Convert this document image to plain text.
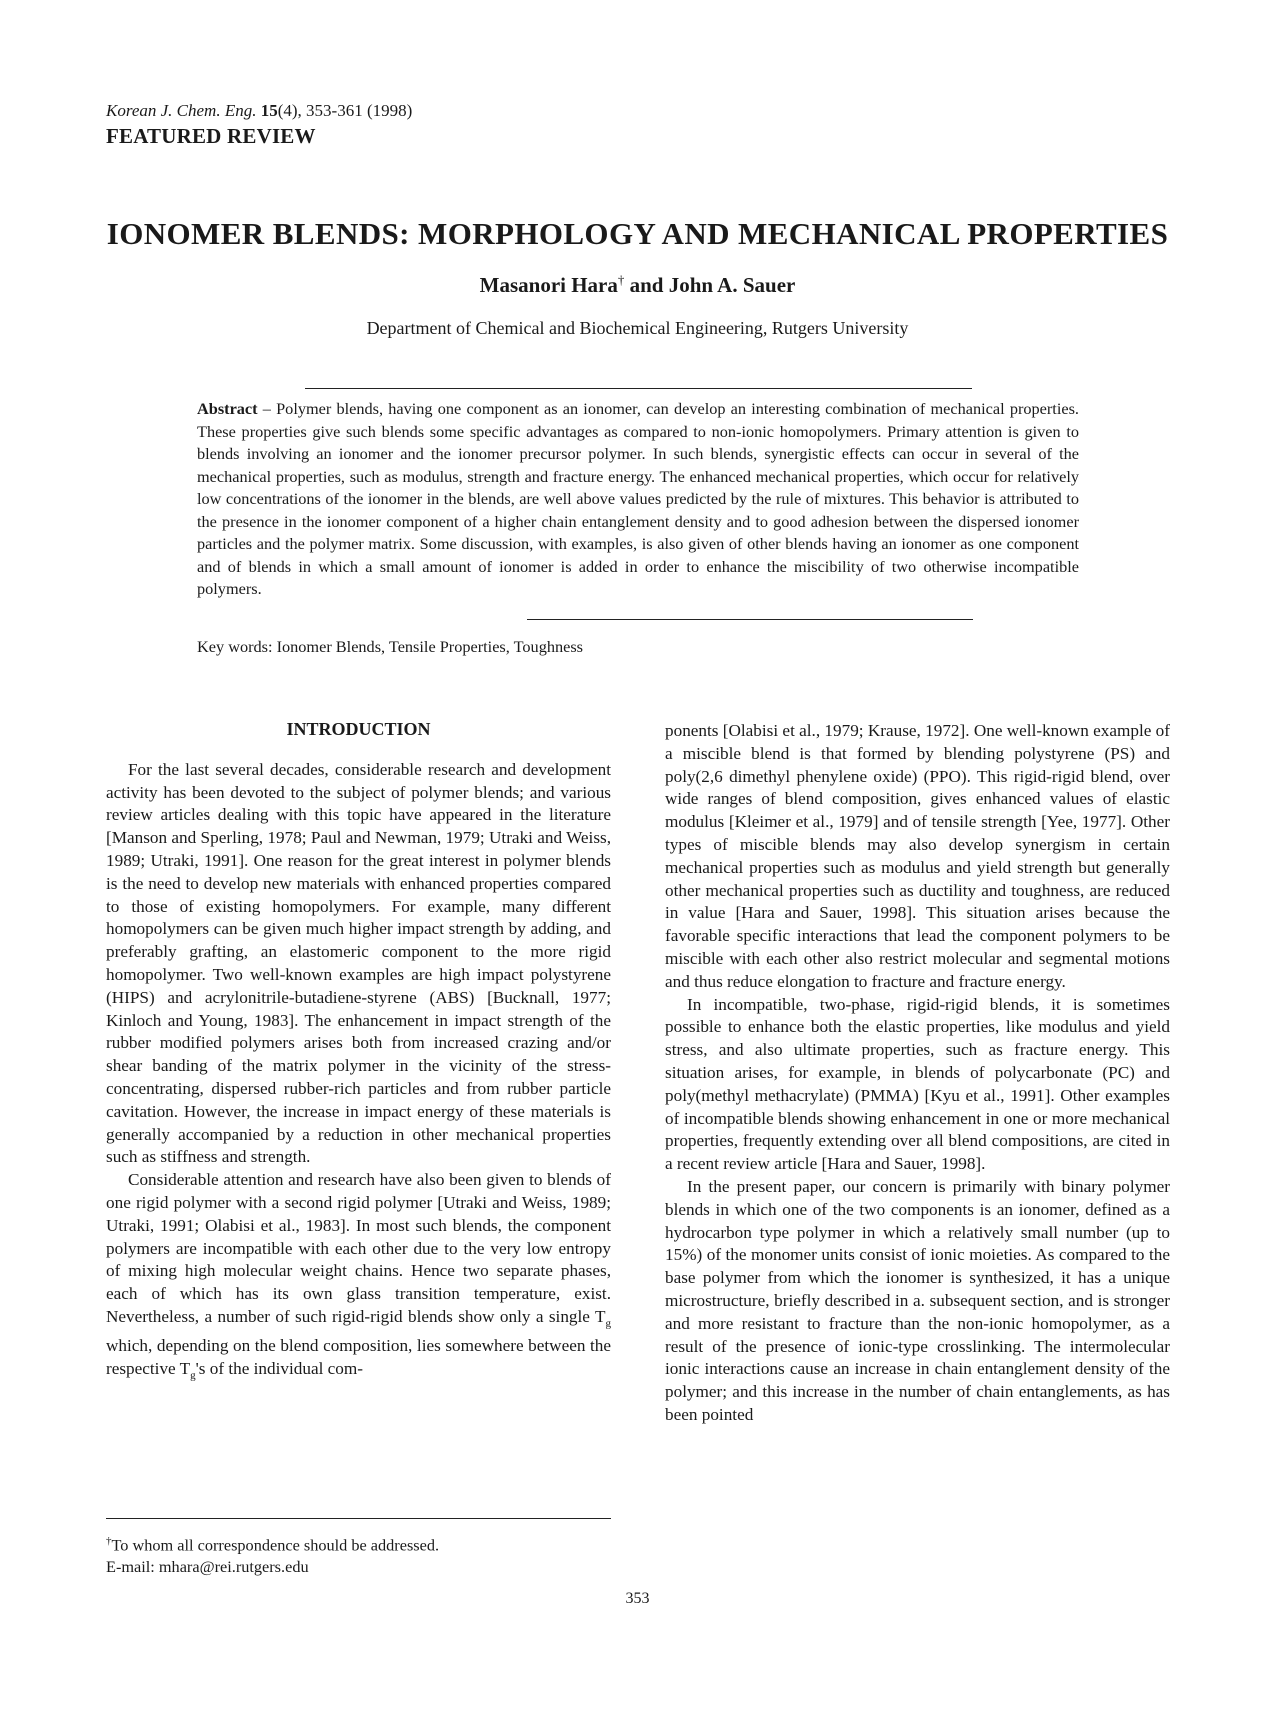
Korean J. Chem. Eng. 15(4), 353-361 (1998)
FEATURED REVIEW
IONOMER BLENDS: MORPHOLOGY AND MECHANICAL PROPERTIES
Masanori Hara† and John A. Sauer
Department of Chemical and Biochemical Engineering, Rutgers University
Abstract – Polymer blends, having one component as an ionomer, can develop an interesting combination of mechanical properties. These properties give such blends some specific advantages as compared to non-ionic homopolymers. Primary attention is given to blends involving an ionomer and the ionomer precursor polymer. In such blends, synergistic effects can occur in several of the mechanical properties, such as modulus, strength and fracture energy. The enhanced mechanical properties, which occur for relatively low concentrations of the ionomer in the blends, are well above values predicted by the rule of mixtures. This behavior is attributed to the presence in the ionomer component of a higher chain entanglement density and to good adhesion between the dispersed ionomer particles and the polymer matrix. Some discussion, with examples, is also given of other blends having an ionomer as one component and of blends in which a small amount of ionomer is added in order to enhance the miscibility of two otherwise incompatible polymers.
Key words: Ionomer Blends, Tensile Properties, Toughness
INTRODUCTION

For the last several decades, considerable research and development activity has been devoted to the subject of polymer blends; and various review articles dealing with this topic have appeared in the literature [Manson and Sperling, 1978; Paul and Newman, 1979; Utraki and Weiss, 1989; Utraki, 1991]. One reason for the great interest in polymer blends is the need to develop new materials with enhanced properties compared to those of existing homopolymers. For example, many different homopolymers can be given much higher impact strength by adding, and preferably grafting, an elastomeric component to the more rigid homopolymer. Two well-known examples are high impact polystyrene (HIPS) and acrylonitrile-butadiene-styrene (ABS) [Bucknall, 1977; Kinloch and Young, 1983]. The enhancement in impact strength of the rubber modified polymers arises both from increased crazing and/or shear banding of the matrix polymer in the vicinity of the stress-concentrating, dispersed rubber-rich particles and from rubber particle cavitation. However, the increase in impact energy of these materials is generally accompanied by a reduction in other mechanical properties such as stiffness and strength.

Considerable attention and research have also been given to blends of one rigid polymer with a second rigid polymer [Utraki and Weiss, 1989; Utraki, 1991; Olabisi et al., 1983]. In most such blends, the component polymers are incompatible with each other due to the very low entropy of mixing high molecular weight chains. Hence two separate phases, each of which has its own glass transition temperature, exist. Nevertheless, a number of such rigid-rigid blends show only a single $T_g$ which, depending on the blend composition, lies somewhere between the respective $T_g's$ of the individual com-

ponents [Olabisi et al., 1979; Krause, 1972]. One well-known example of a miscible blend is that formed by blending polystyrene (PS) and poly(2,6 dimethyl phenylene oxide) (PPO). This rigid-rigid blend, over wide ranges of blend composition, gives enhanced values of elastic modulus [Kleimer et al., 1979] and of tensile strength [Yee, 1977]. Other types of miscible blends may also develop synergism in certain mechanical properties such as modulus and yield strength but generally other mechanical properties such as ductility and toughness, are reduced in value [Hara and Sauer, 1998]. This situation arises because the favorable specific interactions that lead the component polymers to be miscible with each other also restrict molecular and segmental motions and thus reduce elongation to fracture and fracture energy.

In incompatible, two-phase, rigid-rigid blends, it is sometimes possible to enhance both the elastic properties, like modulus and yield stress, and also ultimate properties, such as fracture energy. This situation arises, for example, in blends of polycarbonate (PC) and poly(methyl methacrylate) (PMMA) [Kyu et al., 1991]. Other examples of incompatible blends showing enhancement in one or more mechanical properties, frequently extending over all blend compositions, are cited in a recent review article [Hara and Sauer, 1998].

In the present paper, our concern is primarily with binary polymer blends in which one of the two components is an ionomer, defined as a hydrocarbon type polymer in which a relatively small number (up to 15%) of the monomer units consist of ionic moieties. As compared to the base polymer from which the ionomer is synthesized, it has a unique microstructure, briefly described in a. subsequent section, and is stronger and more resistant to fracture than the non-ionic homopolymer, as a result of the presence of ionic-type crosslinking. The intermolecular ionic interactions cause an increase in chain entanglement density of the polymer; and this increase in the number of chain entanglements, as has been pointed

†To whom all correspondence should be addressed.
E-mail: mhara@rei.rutgers.edu
353
